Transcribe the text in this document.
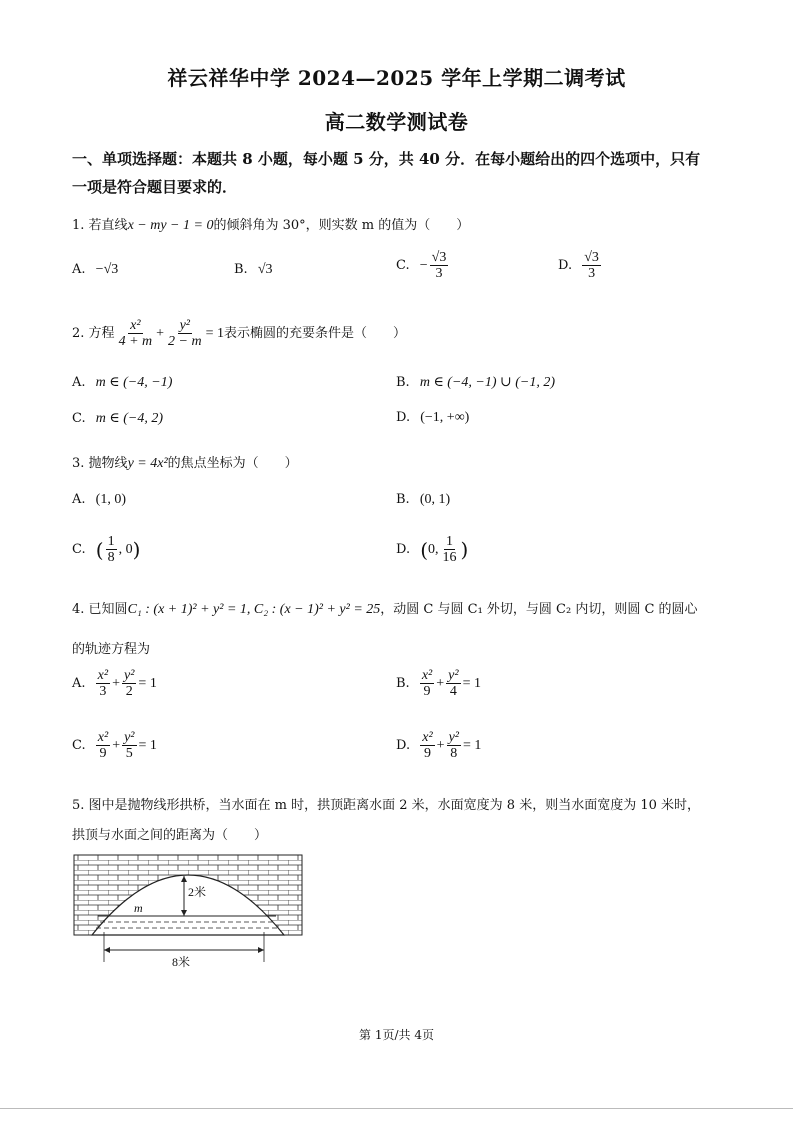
祥云祥华中学 2024—2025 学年上学期二调考试
高二数学测试卷
一、单项选择题：本题共 8 小题，每小题 5 分，共 40 分．在每小题给出的四个选项中，只有
一项是符合题目要求的．
1. 若直线x − my − 1 = 0的倾斜角为 30°，则实数 m 的值为（　　）
A. −√3	B. √3	C. − $\frac{√3}{3}$	D. $\frac{√3}{3}$
2. 方程 $\frac{\text{x²}}{4 + m} + \frac{\text{y²}}{2 - m} = 1$表示椭圆的充要条件是（　　）
A. m ∈ (−4, −1)	B. m ∈ (−4, −1) ∪ (−1, 2)
C. m ∈ (−4, 2)	D. (−1, +∞)
3. 抛物线y = 4x²的焦点坐标为（　　）
A. (1, 0)	B. (0, 1)
C. ( $\frac{1}{8}$ , 0)	D. (0, $\frac{1}{16}$ )
4. 已知圆C₁ : (x + 1)² + y² = 1, C₂ : (x − 1)² + y² = 25，动圆 C 与圆 C₁ 外切，与圆 C₂ 内切，则圆 C 的圆心
的轨迹方程为
A. $\frac{\text{x²}}{3} + \frac{\text{y²}}{2} = 1$	B. $\frac{\text{x²}}{9} + \frac{\text{y²}}{4} = 1$
C. $\frac{\text{x²}}{9} + \frac{\text{y²}}{5} = 1$	D. $\frac{\text{x²}}{9} + \frac{\text{y²}}{8} = 1$
5. 图中是抛物线形拱桥，当水面在 m 时，拱顶距离水面 2 米，水面宽度为 8 米，则当水面宽度为 10 米时，
拱顶与水面之间的距离为（　　）
2米
m
8米
第 1页/共 4页
